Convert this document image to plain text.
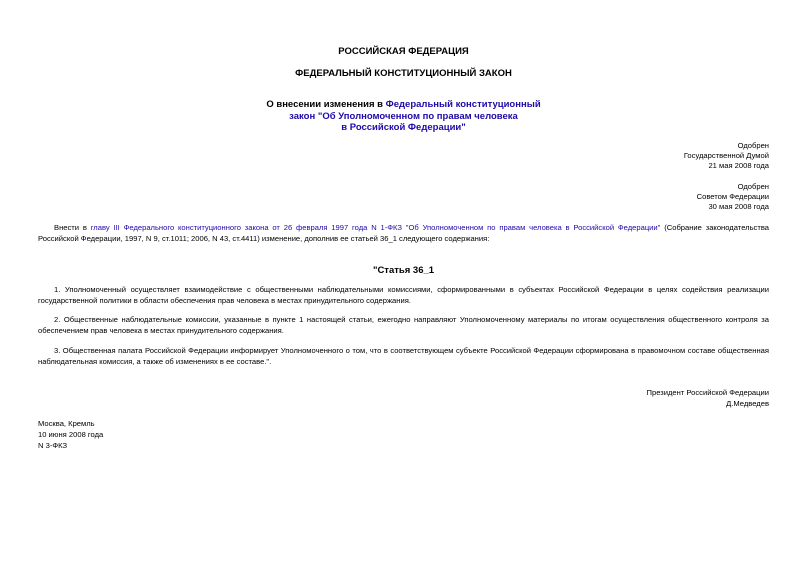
РОССИЙСКАЯ ФЕДЕРАЦИЯ
ФЕДЕРАЛЬНЫЙ КОНСТИТУЦИОННЫЙ ЗАКОН
О внесении изменения в Федеральный конституционный
закон "Об Уполномоченном по правам человека
в Российской Федерации"
Одобрен
Государственной Думой
21 мая 2008 года
Одобрен
Советом Федерации
30 мая 2008 года
Внести в главу III Федерального конституционного закона от 26 февраля 1997 года N 1-ФКЗ "Об Уполномоченном по правам человека в Российской Федерации" (Собрание законодательства Российской Федерации, 1997, N 9, ст.1011; 2006, N 43, ст.4411) изменение, дополнив ее статьей 36_1 следующего содержания:
"Статья 36_1
1. Уполномоченный осуществляет взаимодействие с общественными наблюдательными комиссиями, сформированными в субъектах Российской Федерации в целях содействия реализации государственной политики в области обеспечения прав человека в местах принудительного содержания.
2. Общественные наблюдательные комиссии, указанные в пункте 1 настоящей статьи, ежегодно направляют Уполномоченному материалы по итогам осуществления общественного контроля за обеспечением прав человека в местах принудительного содержания.
3. Общественная палата Российской Федерации информирует Уполномоченного о том, что в соответствующем субъекте Российской Федерации сформирована в правомочном составе общественная наблюдательная комиссия, а также об изменениях в ее составе.".
Президент Российской Федерации
Д.Медведев
Москва, Кремль
10 июня 2008 года
N 3-ФКЗ
